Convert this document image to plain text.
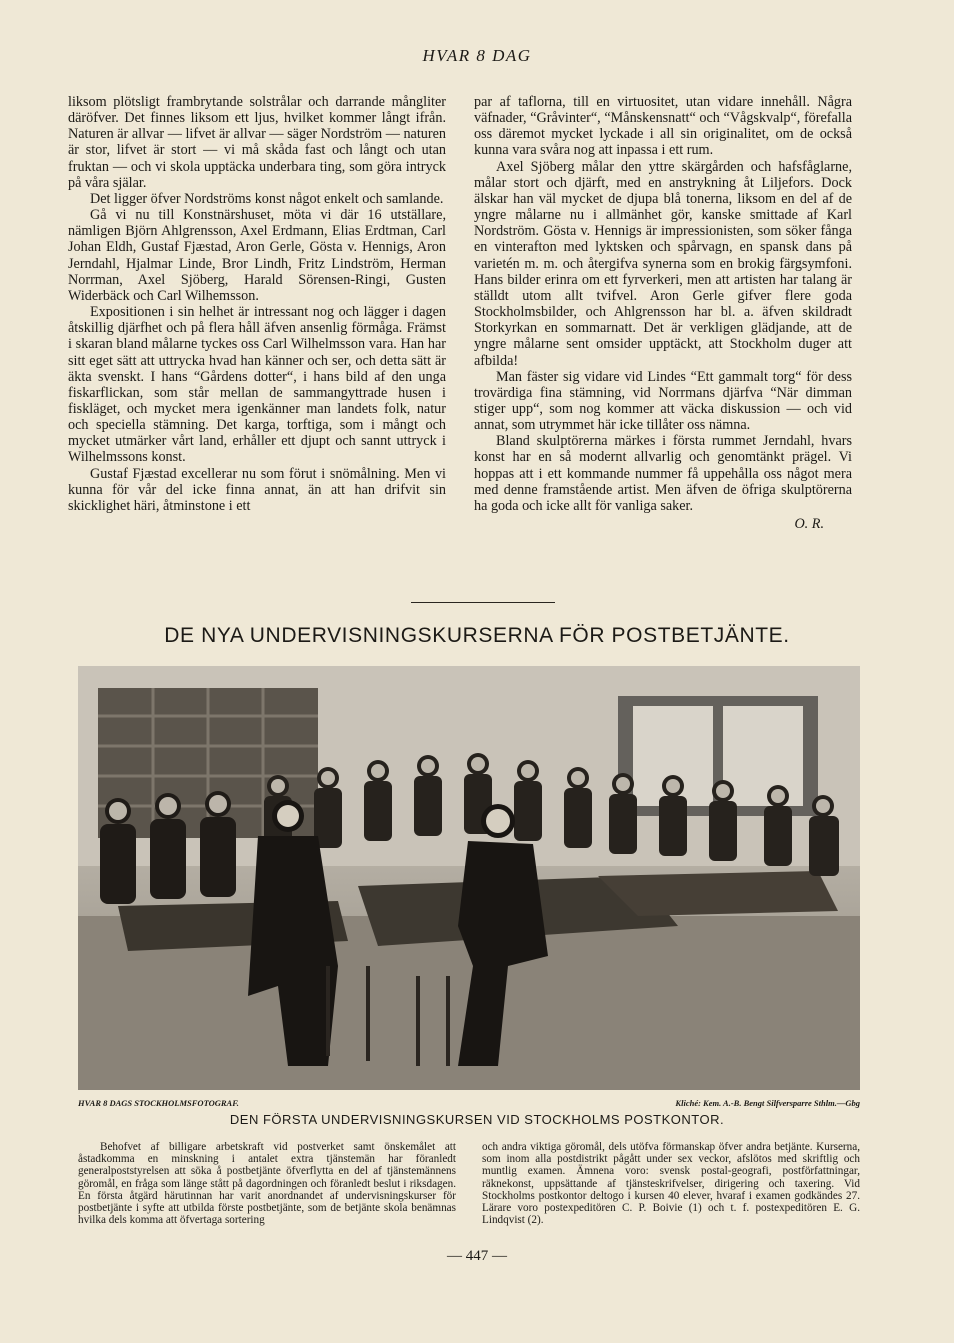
HVAR 8 DAG

liksom plötsligt frambrytande solstrålar och darrande mångliter däröfver. Det finnes liksom ett ljus, hvilket kommer långt ifrån. Naturen är allvar — lifvet är allvar — säger Nordström — naturen är stor, lifvet är stort — vi må skåda fast och långt och utan fruktan — och vi skola upptäcka underbara ting, som göra intryck på våra själar.

Det ligger öfver Nordströms konst något enkelt och samlande.

Gå vi nu till Konstnärshuset, möta vi där 16 utställare, nämligen Björn Ahlgrensson, Axel Erdmann, Elias Erdtman, Carl Johan Eldh, Gustaf Fjæstad, Aron Gerle, Gösta v. Hennigs, Aron Jerndahl, Hjalmar Linde, Bror Lindh, Fritz Lindström, Herman Norrman, Axel Sjöberg, Harald Sörensen-Ringi, Gusten Widerbäck och Carl Wilhemsson.

Expositionen i sin helhet är intressant nog och lägger i dagen åtskillig djärfhet och på flera håll äfven ansenlig förmåga. Främst i skaran bland målarne tyckes oss Carl Wilhelmsson vara. Han har sitt eget sätt att uttrycka hvad han känner och ser, och detta sätt är äkta svenskt. I hans “Gårdens dotter“, i hans bild af den unga fiskarflickan, som står mellan de sammangyttrade husen i fiskläget, och mycket mera igenkänner man landets folk, natur och speciella stämning. Det karga, torftiga, som i mångt och mycket utmärker vårt land, erhåller ett djupt och sannt uttryck i Wilhelmssons konst.

Gustaf Fjæstad excellerar nu som förut i snömålning. Men vi kunna för vår del icke finna annat, än att han drifvit sin skicklighet häri, åtminstone i ett

par af taflorna, till en virtuositet, utan vidare innehåll. Några väfnader, “Gråvinter“, “Månskensnatt“ och “Vågskvalp“, förefalla oss däremot mycket lyckade i all sin originalitet, om de också kunna vara svåra nog att inpassa i ett rum.

Axel Sjöberg målar den yttre skärgården och hafsfåglarne, målar stort och djärft, med en anstrykning åt Liljefors. Dock älskar han väl mycket de djupa blå tonerna, liksom en del af de yngre målarne nu i allmänhet gör, kanske smittade af Karl Nordström. Gösta v. Hennigs är impressionisten, som söker fånga en vinterafton med lyktsken och spårvagn, en spansk dans på varietén m. m. och återgifva synerna som en brokig färgsymfoni. Hans bilder erinra om ett fyrverkeri, men att artisten har talang är ställdt utom allt tvifvel. Aron Gerle gifver flere goda Stockholmsbilder, och Ahlgrensson har bl. a. äfven skildradt Storkyrkan en sommarnatt. Det är verkligen glädjande, att de yngre målarne sent omsider upptäckt, att Stockholm duger att afbilda!

Man fäster sig vidare vid Lindes “Ett gammalt torg“ för dess trovärdiga fina stämning, vid Norrmans djärfva “När dimman stiger upp“, som nog kommer att väcka diskussion — och vid annat, som utrymmet här icke tillåter oss nämna.

Bland skulptörerna märkes i första rummet Jerndahl, hvars konst har en så modernt allvarlig och genomtänkt prägel. Vi hoppas att i ett kommande nummer få uppehålla oss något mera med denne framstående artist. Men äfven de öfriga skulptörerna ha goda och icke allt för vanliga saker.

O. R.

DE NYA UNDERVISNINGSKURSERNA FÖR POSTBETJÄNTE.
HVAR 8 DAGS STOCKHOLMSFOTOGRAF.	Kliché: Kem. A.-B. Bengt Silfversparre Sthlm.—Gbg
DEN FÖRSTA UNDERVISNINGSKURSEN VID STOCKHOLMS POSTKONTOR.

Behofvet af billigare arbetskraft vid postverket samt önskemålet att åstadkomma en minskning i antalet extra tjänstemän har föranledt generalpoststyrelsen att söka å postbetjänte öfverflytta en del af tjänstemännens göromål, en fråga som länge stått på dagordningen och föranledt beslut i riksdagen. En första åtgärd härutinnan har varit anordnandet af undervisningskurser för postbetjänte i syfte att utbilda förste postbetjänte, som de betjänte skola benämnas hvilka dels komma att öfvertaga sortering

och andra viktiga göromål, dels utöfva förmanskap öfver andra betjänte. Kurserna, som inom alla postdistrikt pågått under sex veckor, afslötos med skriftlig och muntlig examen. Ämnena voro: svensk postal-geografi, postförfattningar, räknekonst, uppsättande af tjänsteskrifvelser, dirigering och taxering. Vid Stockholms postkontor deltogo i kursen 40 elever, hvaraf i examen godkändes 27. Lärare voro postexpeditören C. P. Boivie (1) och t. f. postexpeditören E. G. Lindqvist (2).

— 447 —
